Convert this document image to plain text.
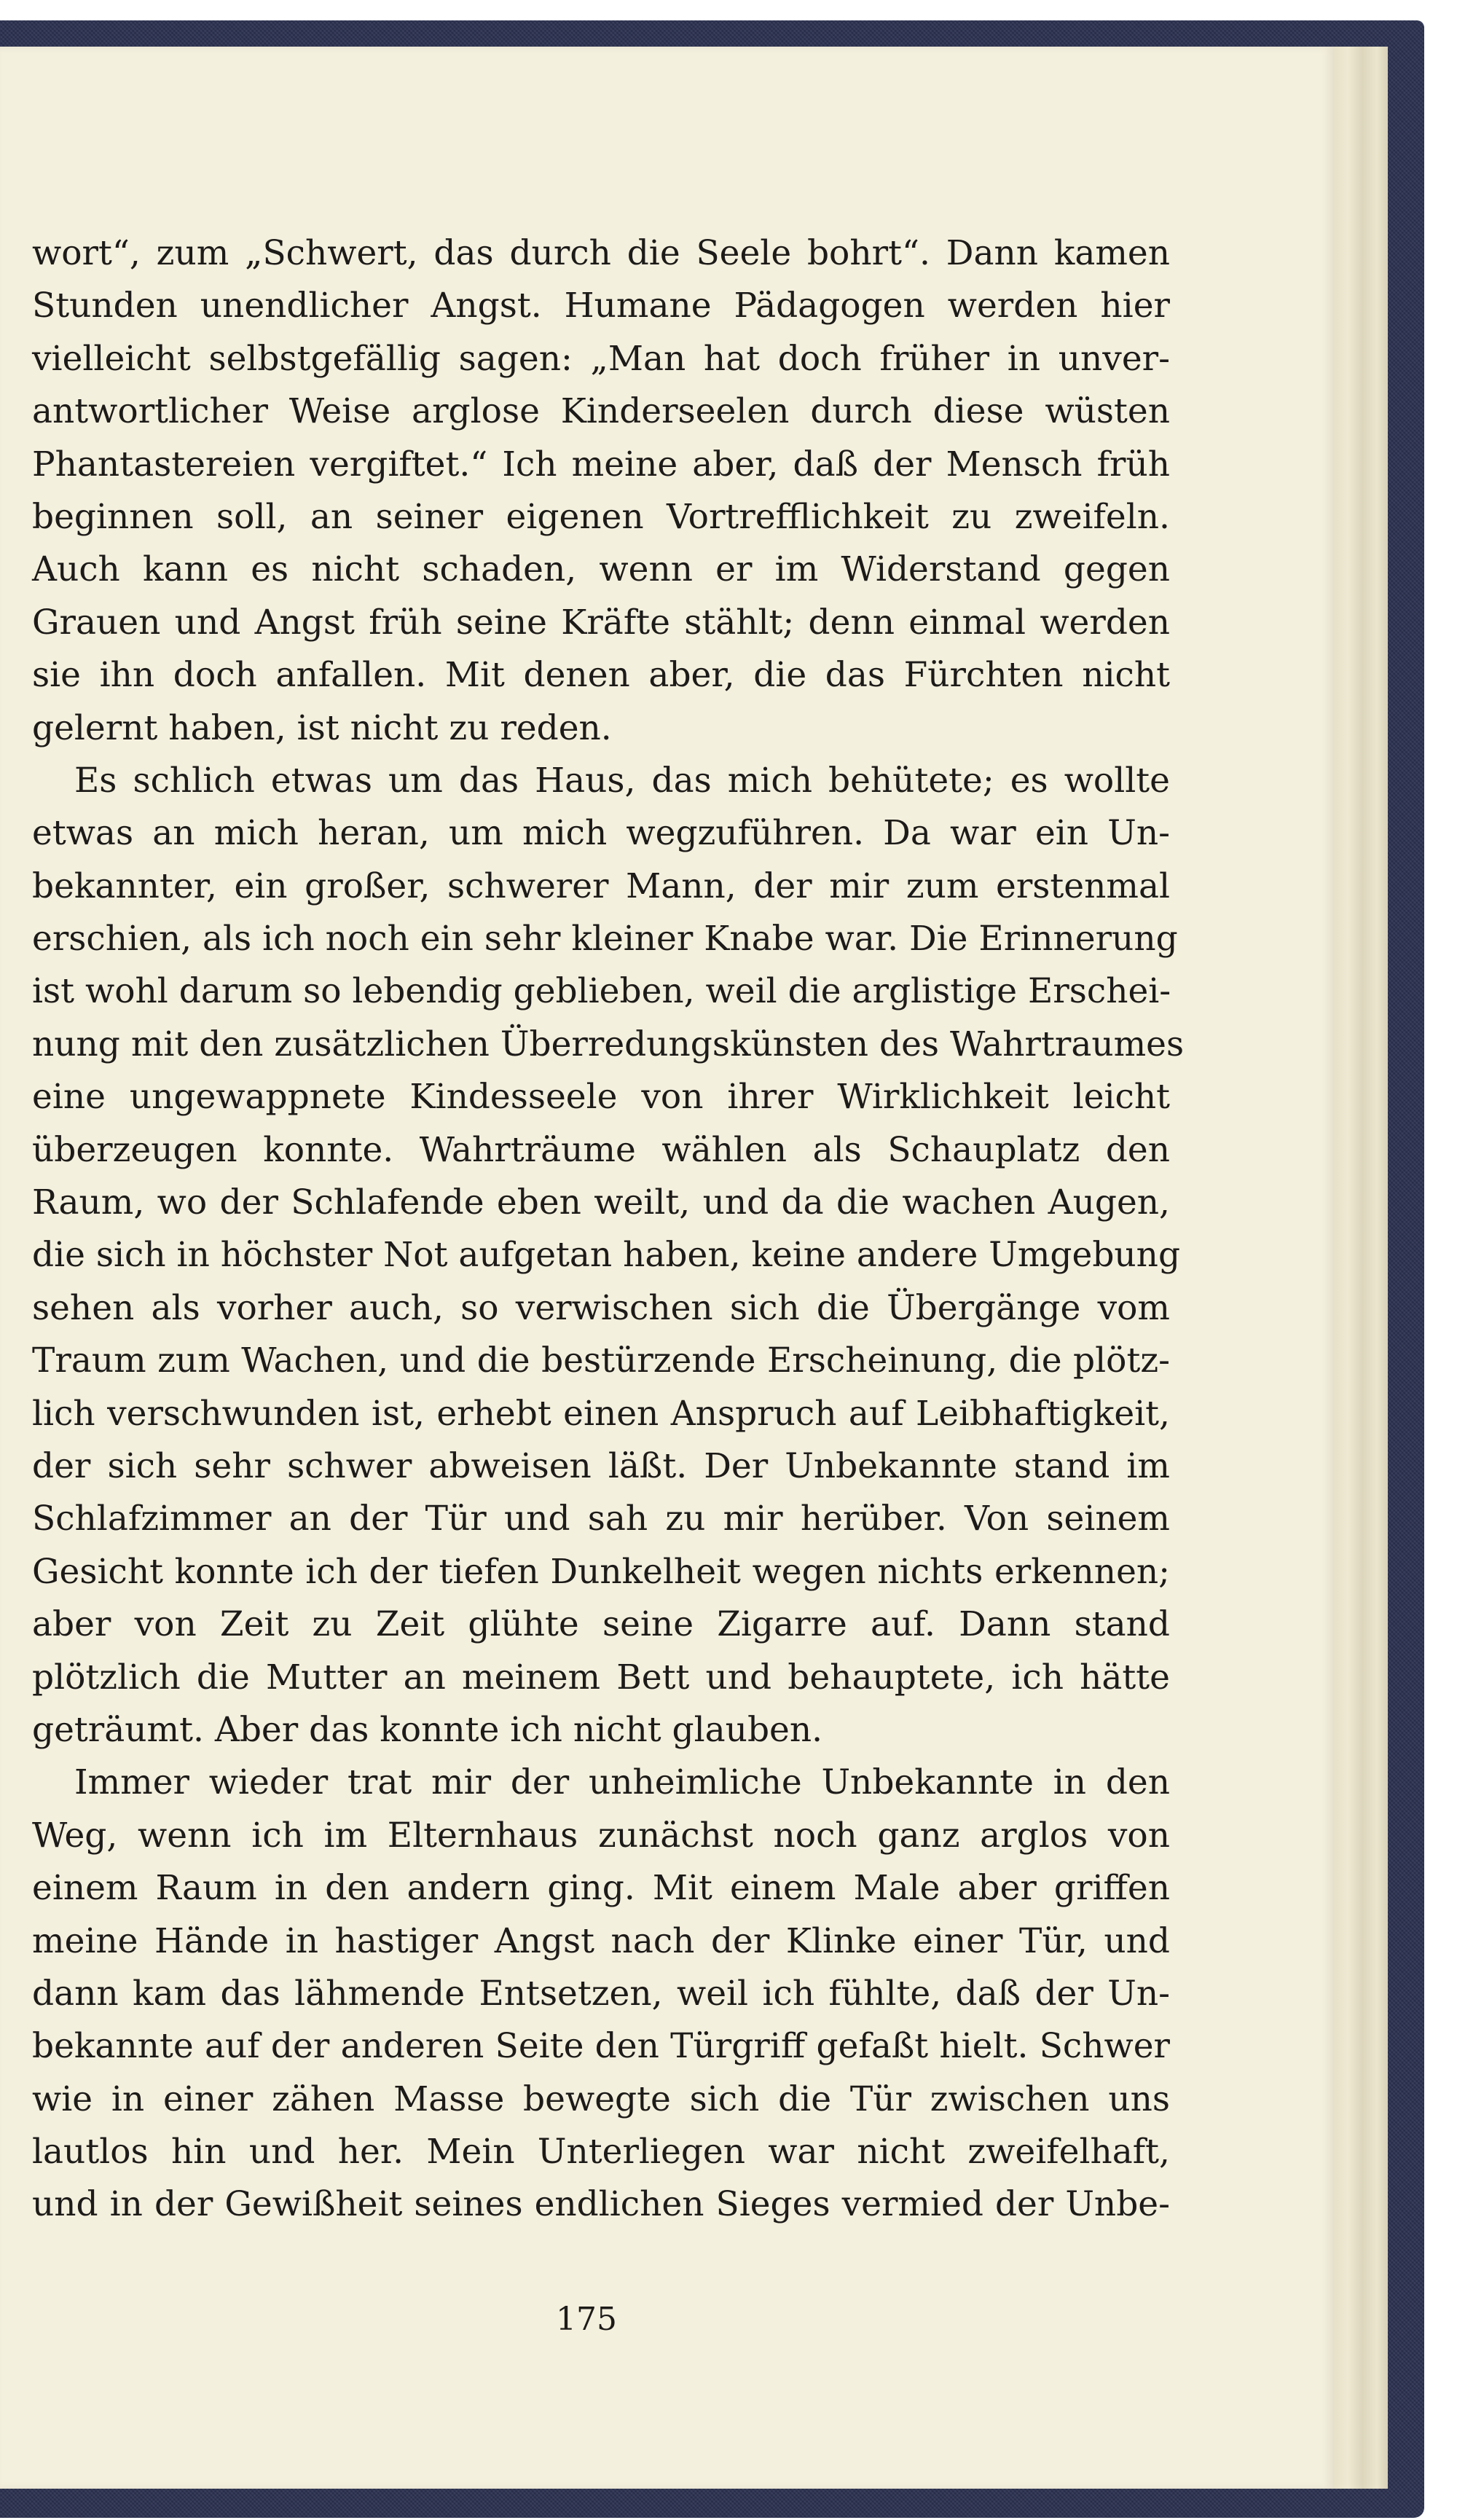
wort“, zum „Schwert, das durch die Seele bohrt“. Dann kamen
Stunden unendlicher Angst. Humane Pädagogen werden hier
vielleicht selbstgefällig sagen: „Man hat doch früher in unver-
antwortlicher Weise arglose Kinderseelen durch diese wüsten
Phantastereien vergiftet.“ Ich meine aber, daß der Mensch früh
beginnen soll, an seiner eigenen Vortrefflichkeit zu zweifeln.
Auch kann es nicht schaden, wenn er im Widerstand gegen
Grauen und Angst früh seine Kräfte stählt; denn einmal werden
sie ihn doch anfallen. Mit denen aber, die das Fürchten nicht
gelernt haben, ist nicht zu reden.

Es schlich etwas um das Haus, das mich behütete; es wollte
etwas an mich heran, um mich wegzuführen. Da war ein Un-
bekannter, ein großer, schwerer Mann, der mir zum erstenmal
erschien, als ich noch ein sehr kleiner Knabe war. Die Erinnerung
ist wohl darum so lebendig geblieben, weil die arglistige Erschei-
nung mit den zusätzlichen Überredungskünsten des Wahrtraumes
eine ungewappnete Kindesseele von ihrer Wirklichkeit leicht
überzeugen konnte. Wahrträume wählen als Schauplatz den
Raum, wo der Schlafende eben weilt, und da die wachen Augen,
die sich in höchster Not aufgetan haben, keine andere Umgebung
sehen als vorher auch, so verwischen sich die Übergänge vom
Traum zum Wachen, und die bestürzende Erscheinung, die plötz-
lich verschwunden ist, erhebt einen Anspruch auf Leibhaftigkeit,
der sich sehr schwer abweisen läßt. Der Unbekannte stand im
Schlafzimmer an der Tür und sah zu mir herüber. Von seinem
Gesicht konnte ich der tiefen Dunkelheit wegen nichts erkennen;
aber von Zeit zu Zeit glühte seine Zigarre auf. Dann stand
plötzlich die Mutter an meinem Bett und behauptete, ich hätte
geträumt. Aber das konnte ich nicht glauben.

Immer wieder trat mir der unheimliche Unbekannte in den
Weg, wenn ich im Elternhaus zunächst noch ganz arglos von
einem Raum in den andern ging. Mit einem Male aber griffen
meine Hände in hastiger Angst nach der Klinke einer Tür, und
dann kam das lähmende Entsetzen, weil ich fühlte, daß der Un-
bekannte auf der anderen Seite den Türgriff gefaßt hielt. Schwer
wie in einer zähen Masse bewegte sich die Tür zwischen uns
lautlos hin und her. Mein Unterliegen war nicht zweifelhaft,
und in der Gewißheit seines endlichen Sieges vermied der Unbe-

175
